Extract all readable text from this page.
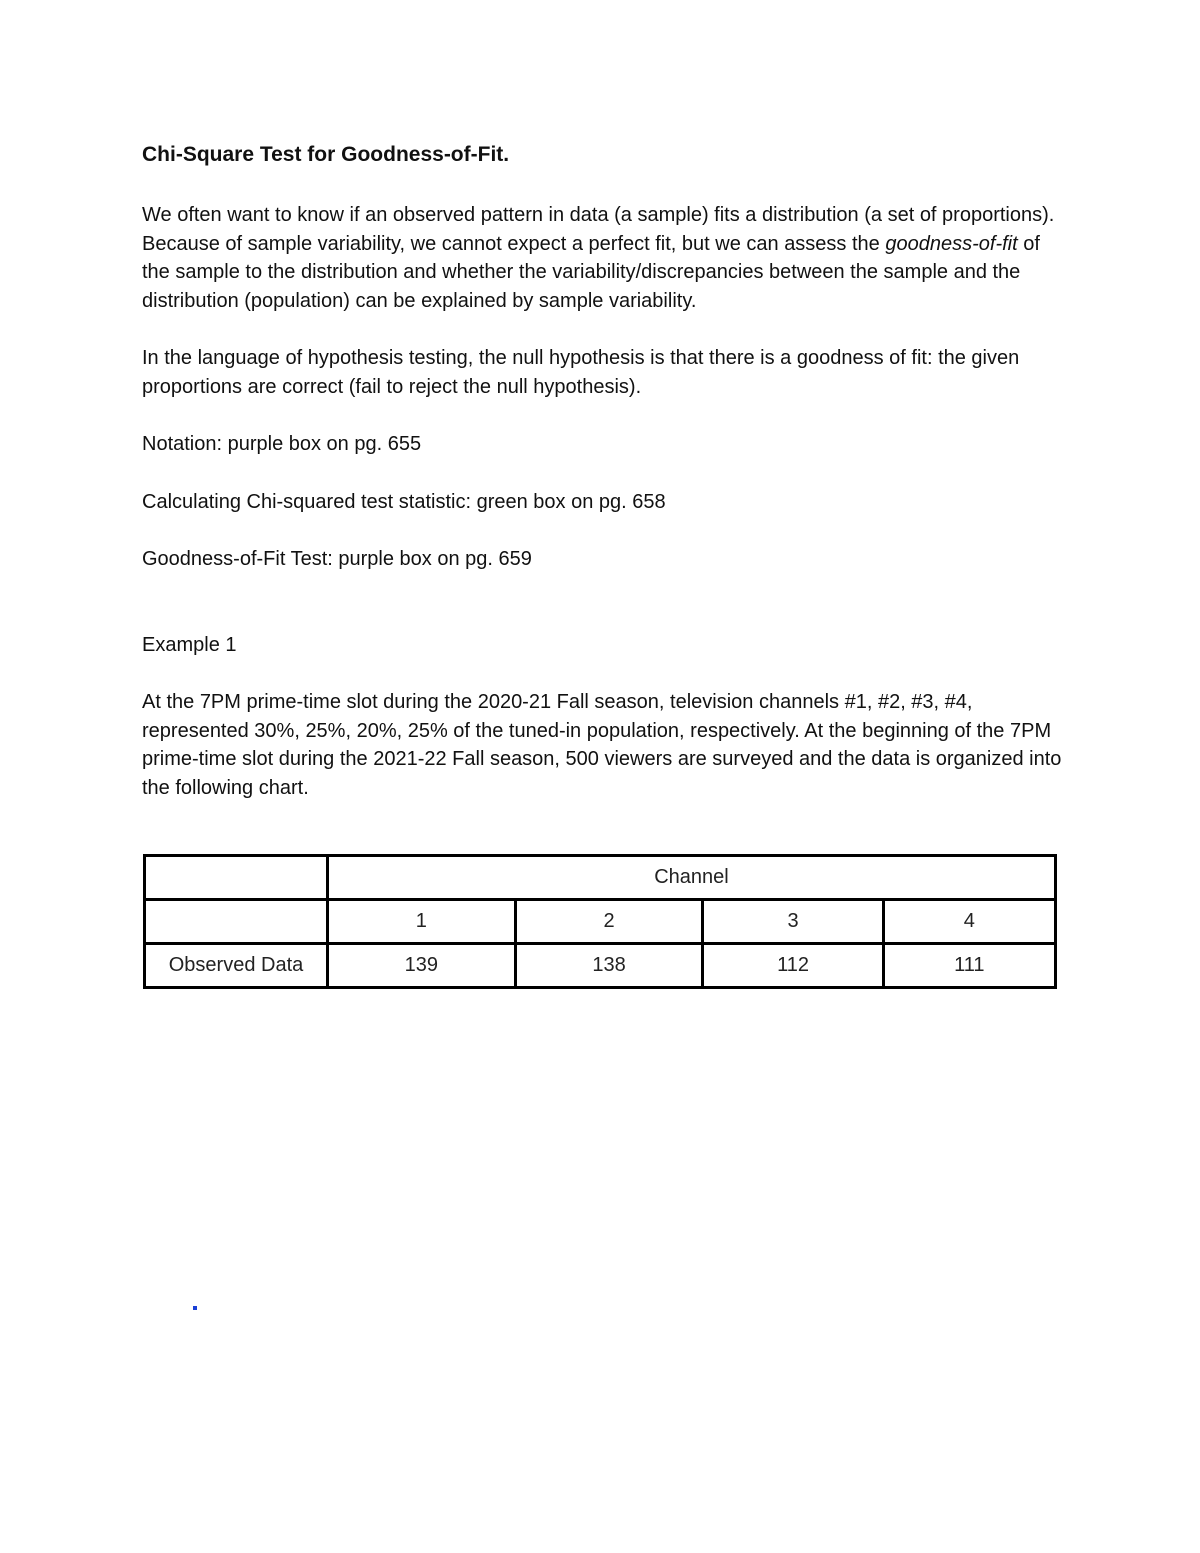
Chi-Square Test for Goodness-of-Fit.

We often want to know if an observed pattern in data (a sample) fits a distribution (a set of proportions). Because of sample variability, we cannot expect a perfect fit, but we can assess the goodness-of-fit of the sample to the distribution and whether the variability/discrepancies between the sample and the distribution (population) can be explained by sample variability.

In the language of hypothesis testing, the null hypothesis is that there is a goodness of fit: the given proportions are correct (fail to reject the null hypothesis).

Notation: purple box on pg. 655

Calculating Chi-squared test statistic: green box on pg. 658

Goodness-of-Fit Test: purple box on pg. 659

Example 1

At the 7PM prime-time slot during the 2020-21 Fall season, television channels #1, #2, #3, #4, represented 30%, 25%, 20%, 25% of the tuned-in population, respectively. At the beginning of the 7PM prime-time slot during the 2021-22 Fall season, 500 viewers are surveyed and the data is organized into the following chart.

	Channel			
	1	2	3	4
Observed Data	139	138	112	111
